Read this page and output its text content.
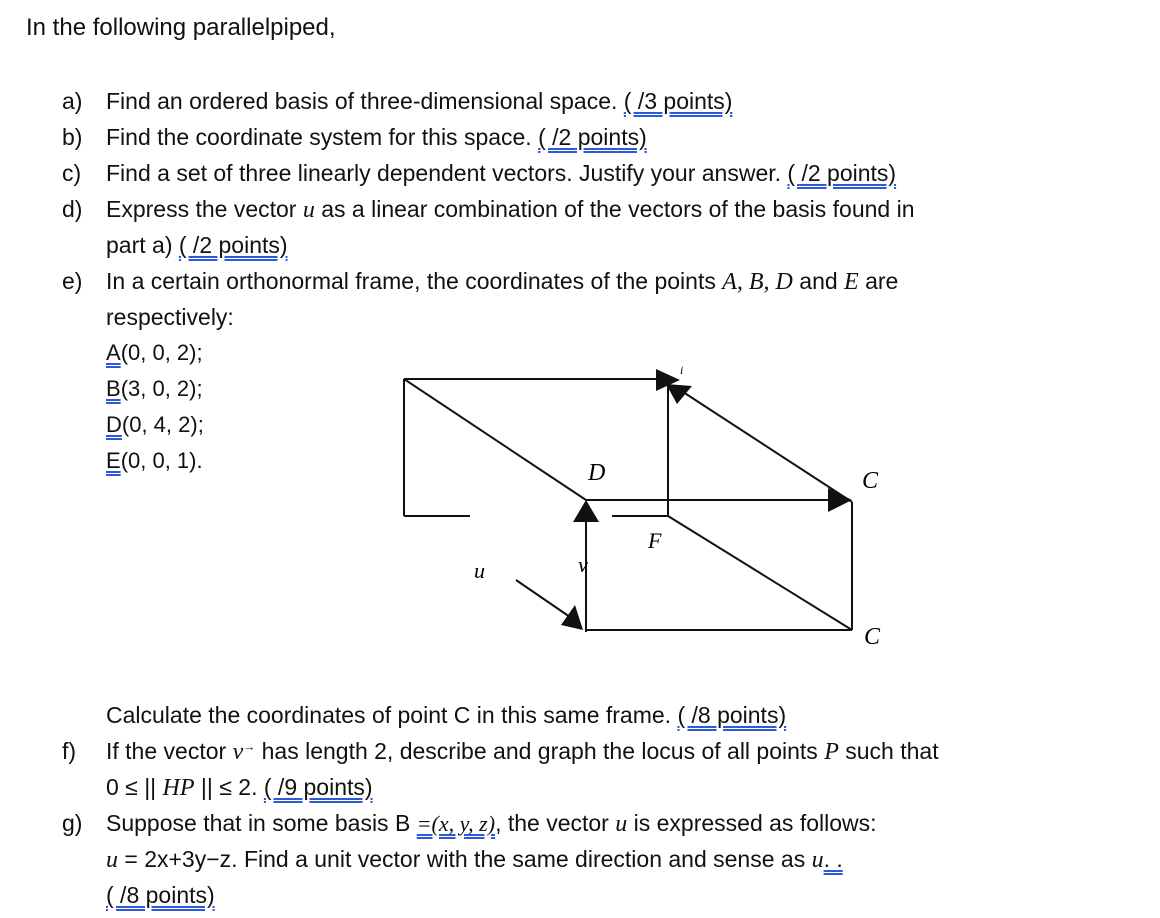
In the following parallelpiped,
a) Find an ordered basis of three-dimensional space. ( /3 points)
b) Find the coordinate system for this space. ( /2 points)
c) Find a set of three linearly dependent vectors. Justify your answer. ( /2 points)
d) Express the vector u as a linear combination of the vectors of the basis found in
part a) ( /2 points)
e) In a certain orthonormal frame, the coordinates of the points A, B, D and E are
respectively:
A(0, 0, 2);
B(3, 0, 2);
D(0, 4, 2);
E(0, 0, 1).
i
D	C
F
C
u⃗	v⃗
Calculate the coordinates of point C in this same frame. ( /8 points)
f) If the vector v→ has length 2, describe and graph the locus of all points P such that
0 ≤ || HP || ≤ 2. ( /9 points)
g) Suppose that in some basis B =(x, y, z), the vector u is expressed as follows:
u = 2x+3y−z. Find a unit vector with the same direction and sense as u. .
( /8 points)
